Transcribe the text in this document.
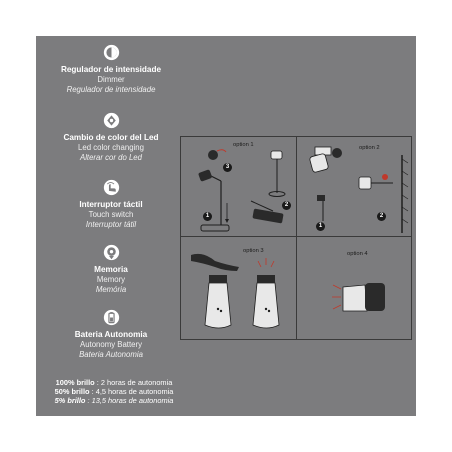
Regulador de intensidade
Dimmer
Regulador de intensidade
Cambio de color del Led
Led color changing
Alterar cor do Led
Interruptor táctil
Touch switch
Interruptor tátil
Memoria
Memory
Memória
Bateria Autonomia
Autonomy Battery
Bateria Autonomia
100% brillo : 2 horas de autonomia
50% brillo : 4,5 horas de autonomia
5% brillo : 13,5 horas de autonomia
option 1
3
1
2
option 2
1
2
option 3	option 4
